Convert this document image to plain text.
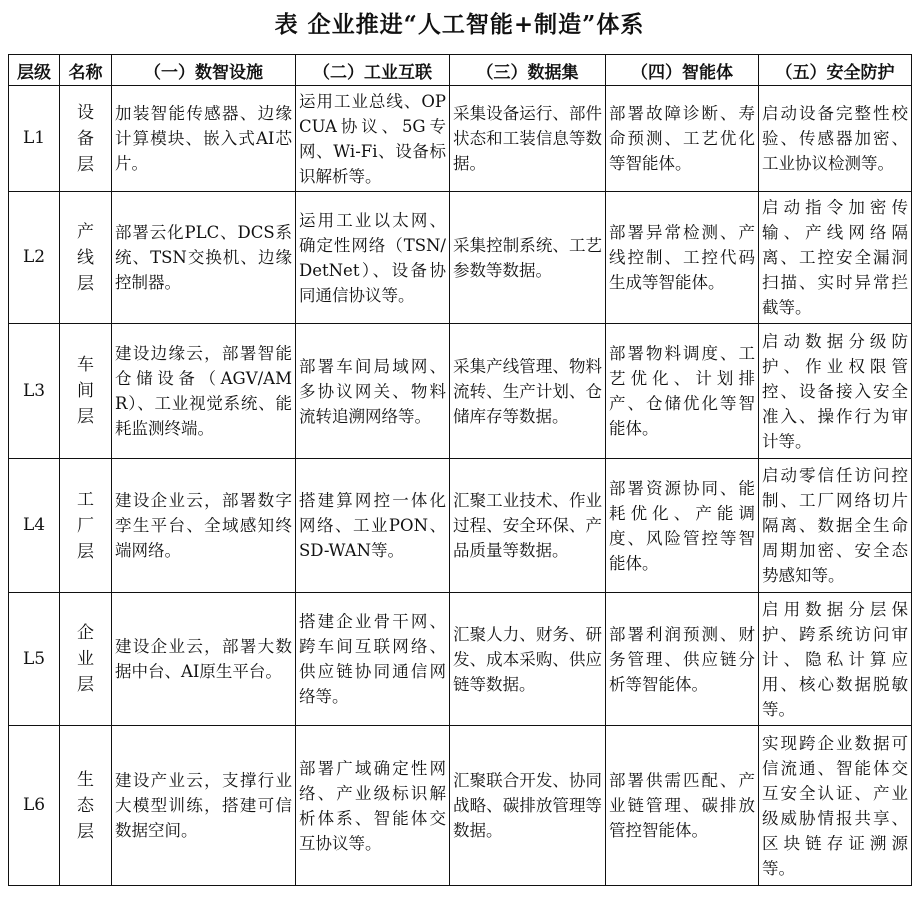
表 企业推进“人工智能+制造”体系
层级	名称	（一）数智设施	（二）工业互联	（三）数据集	（四）智能体	（五）安全防护
L1	设备层	加装智能传感器、边缘计算模块、嵌入式AI芯片。	运用工业总线、OPCUA协议、5G专网、Wi-Fi、设备标识解析等。	采集设备运行、部件状态和工装信息等数据。	部署故障诊断、寿命预测、工艺优化等智能体。	启动设备完整性校验、传感器加密、工业协议检测等。
L2	产线层	部署云化PLC、DCS系统、TSN交换机、边缘控制器。	运用工业以太网、确定性网络（TSN/DetNet）、设备协同通信协议等。	采集控制系统、工艺参数等数据。	部署异常检测、产线控制、工控代码生成等智能体。	启动指令加密传输、产线网络隔离、工控安全漏洞扫描、实时异常拦截等。
L3	车间层	建设边缘云，部署智能仓储设备（AGV/AMR）、工业视觉系统、能耗监测终端。	部署车间局域网、多协议网关、物料流转追溯网络等。	采集产线管理、物料流转、生产计划、仓储库存等数据。	部署物料调度、工艺优化、计划排产、仓储优化等智能体。	启动数据分级防护、作业权限管控、设备接入安全准入、操作行为审计等。
L4	工厂层	建设企业云，部署数字孪生平台、全域感知终端网络。	搭建算网控一体化网络、工业PON、SD-WAN等。	汇聚工业技术、作业过程、安全环保、产品质量等数据。	部署资源协同、能耗优化、产能调度、风险管控等智能体。	启动零信任访问控制、工厂网络切片隔离、数据全生命周期加密、安全态势感知等。
L5	企业层	建设企业云，部署大数据中台、AI原生平台。	搭建企业骨干网、跨车间互联网络、供应链协同通信网络等。	汇聚人力、财务、研发、成本采购、供应链等数据。	部署利润预测、财务管理、供应链分析等智能体。	启用数据分层保护、跨系统访问审计、隐私计算应用、核心数据脱敏等。
L6	生态层	建设产业云，支撑行业大模型训练，搭建可信数据空间。	部署广域确定性网络、产业级标识解析体系、智能体交互协议等。	汇聚联合开发、协同战略、碳排放管理等数据。	部署供需匹配、产业链管理、碳排放管控智能体。	实现跨企业数据可信流通、智能体交互安全认证、产业级威胁情报共享、区块链存证溯源等。
